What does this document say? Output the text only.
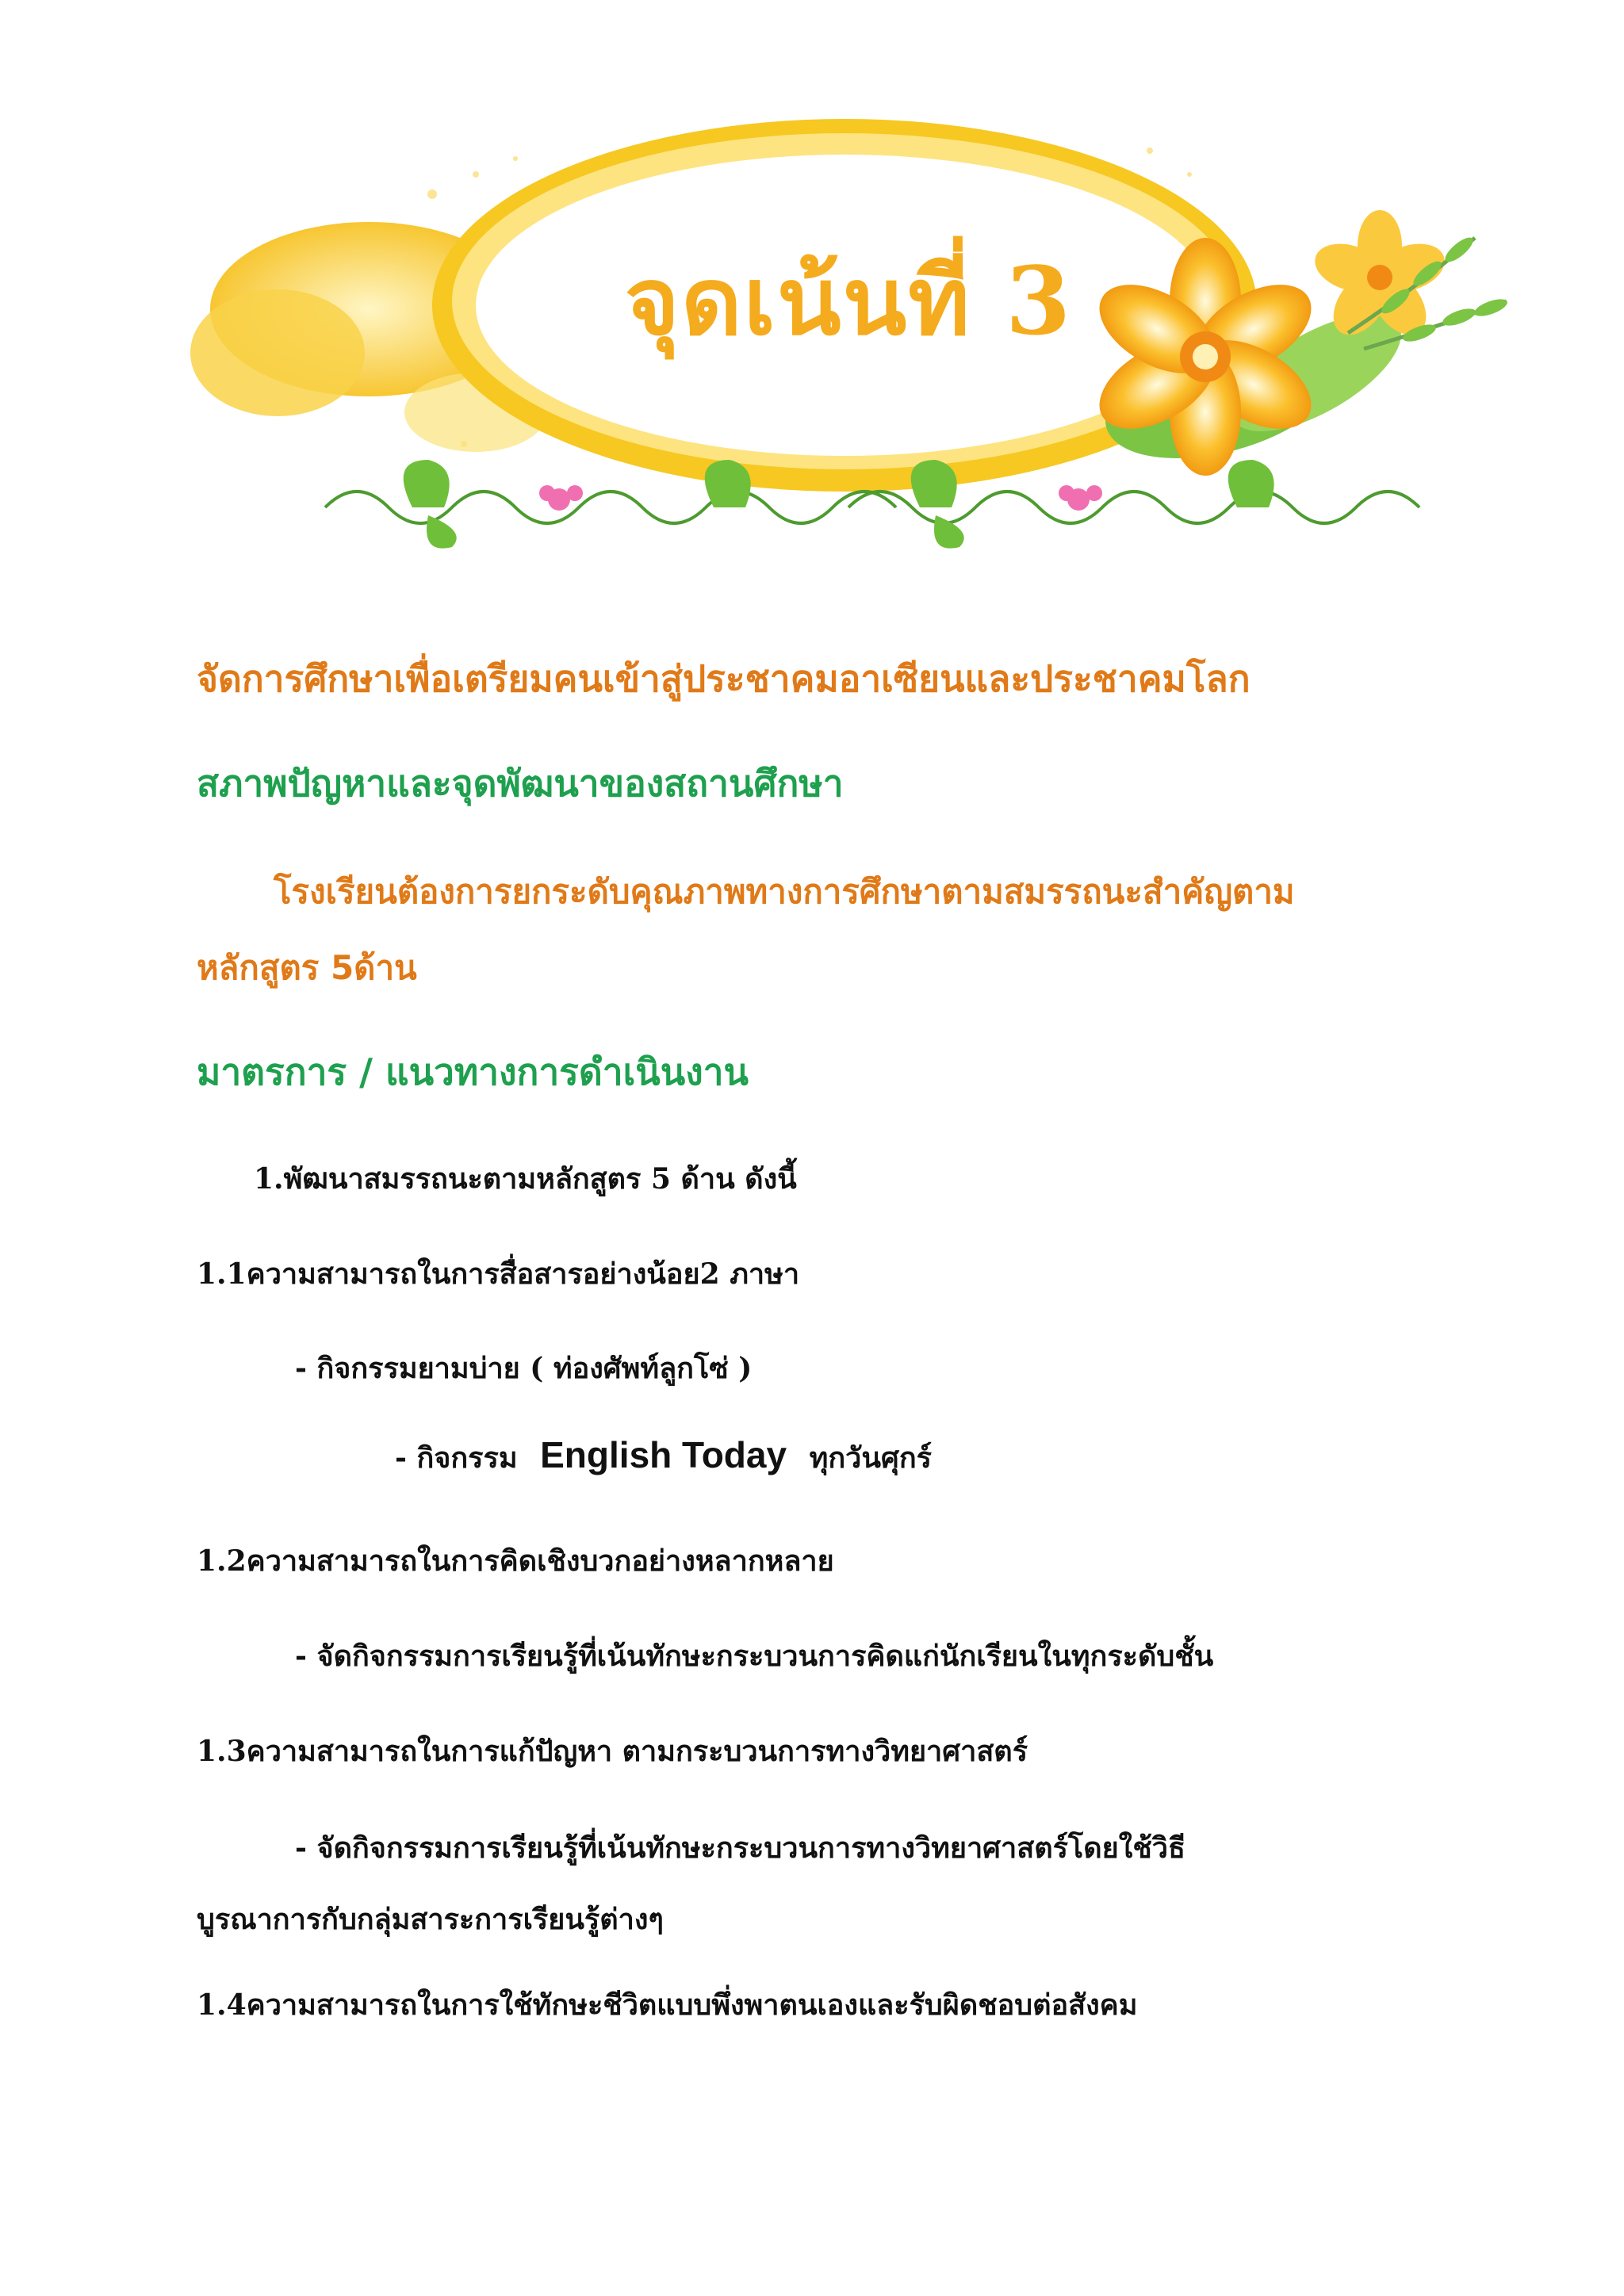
จุดเน้นที่ 3
จัดการศึกษาเพื่อเตรียมคนเข้าสู่ประชาคมอาเซียนและประชาคมโลก
สภาพปัญหาและจุดพัฒนาของสถานศึกษา
โรงเรียนต้องการยกระดับคุณภาพทางการศึกษาตามสมรรถนะสำคัญตาม
หลักสูตร 5ด้าน
มาตรการ / แนวทางการดำเนินงาน
1.พัฒนาสมรรถนะตามหลักสูตร 5 ด้าน ดังนี้
1.1ความสามารถในการสื่อสารอย่างน้อย2 ภาษา
- กิจกรรมยามบ่าย ( ท่องศัพท์ลูกโซ่ )
- กิจกรรม English Today ทุกวันศุกร์
1.2ความสามารถในการคิดเชิงบวกอย่างหลากหลาย
- จัดกิจกรรมการเรียนรู้ที่เน้นทักษะกระบวนการคิดแก่นักเรียนในทุกระดับชั้น
1.3ความสามารถในการแก้ปัญหา ตามกระบวนการทางวิทยาศาสตร์
- จัดกิจกรรมการเรียนรู้ที่เน้นทักษะกระบวนการทางวิทยาศาสตร์โดยใช้วิธี
บูรณาการกับกลุ่มสาระการเรียนรู้ต่างๆ
1.4ความสามารถในการใช้ทักษะชีวิตแบบพึ่งพาตนเองและรับผิดชอบต่อสังคม
